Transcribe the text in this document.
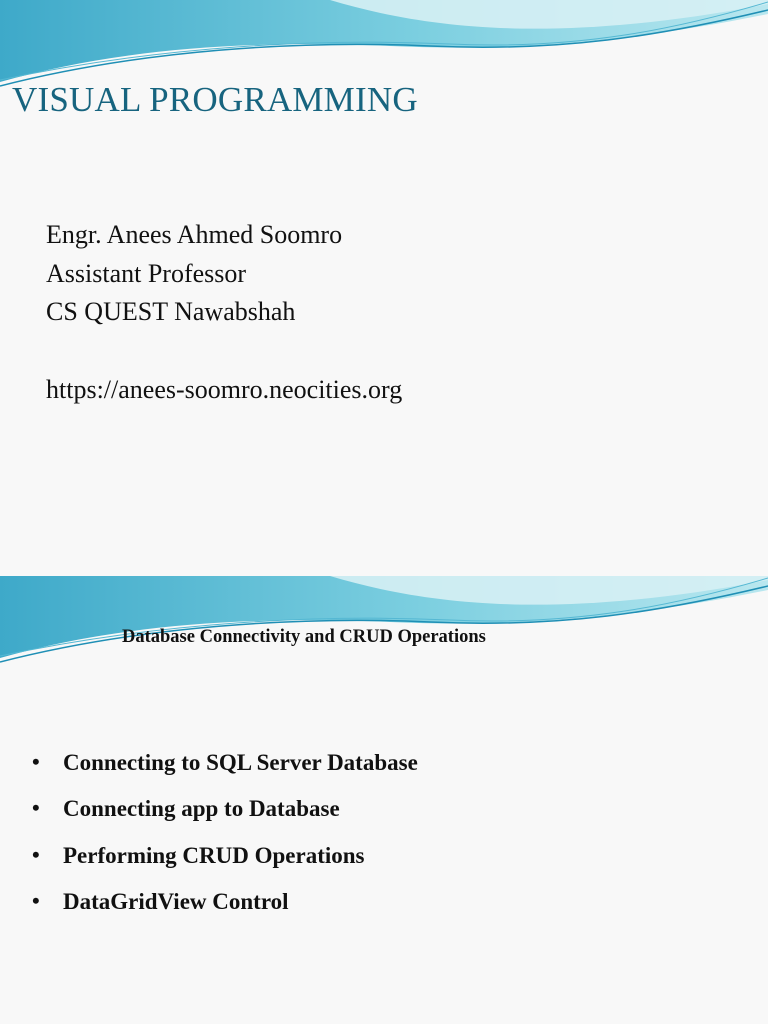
VISUAL PROGRAMMING
Engr. Anees Ahmed Soomro
Assistant Professor
CS QUEST Nawabshah
https://anees-soomro.neocities.org
Database Connectivity and CRUD Operations
• Connecting to SQL Server Database
• Connecting app to Database
• Performing CRUD Operations
• DataGridView Control
